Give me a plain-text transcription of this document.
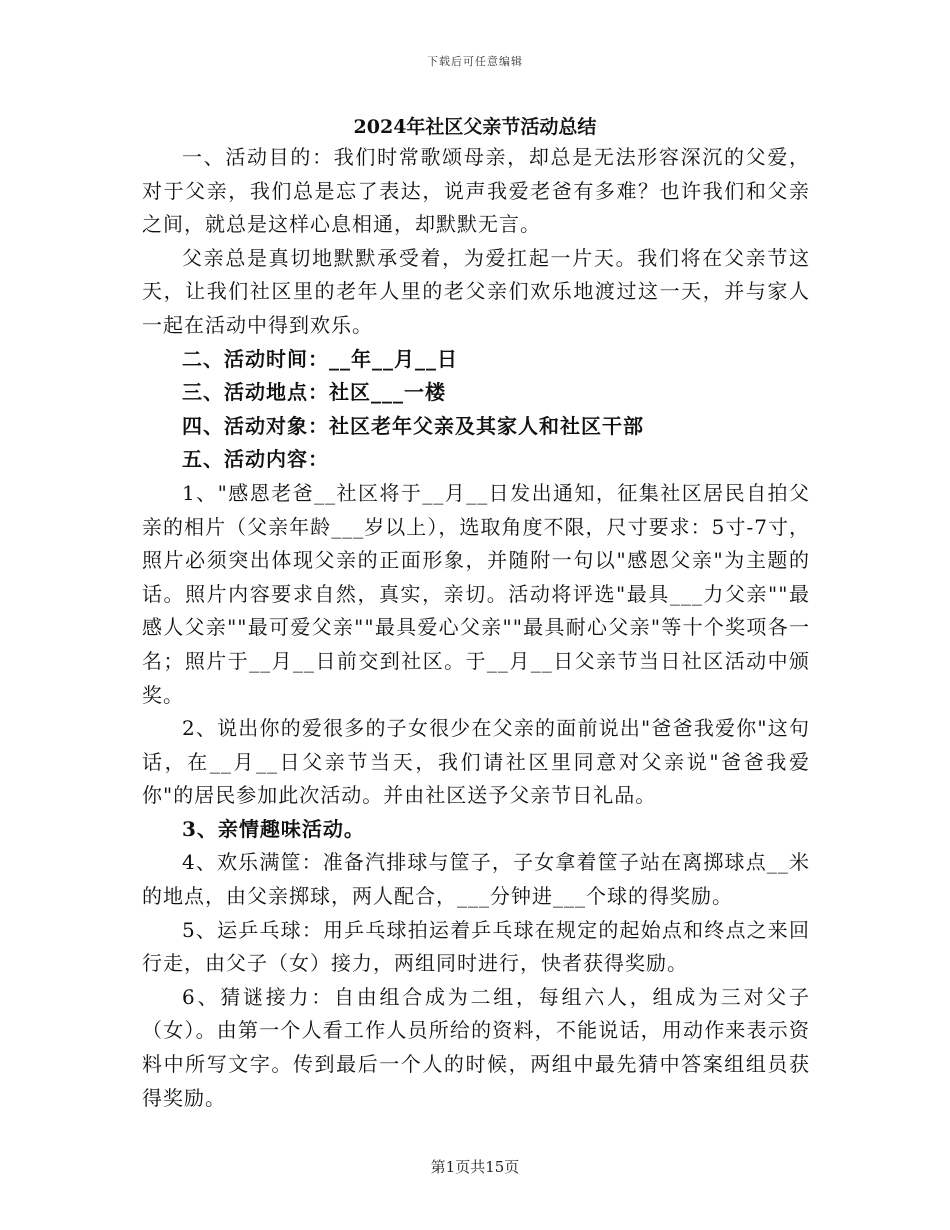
下载后可任意编辑
2024年社区父亲节活动总结

一、活动目的：我们时常歌颂母亲，却总是无法形容深沉的父爱，对于父亲，我们总是忘了表达，说声我爱老爸有多难？也许我们和父亲之间，就总是这样心息相通，却默默无言。

父亲总是真切地默默承受着，为爱扛起一片天。我们将在父亲节这天，让我们社区里的老年人里的老父亲们欢乐地渡过这一天，并与家人一起在活动中得到欢乐。

二、活动时间：__年__月__日

三、活动地点：社区___一楼

四、活动对象：社区老年父亲及其家人和社区干部

五、活动内容：

1、"感恩老爸__社区将于__月__日发出通知，征集社区居民自拍父亲的相片（父亲年龄___岁以上），选取角度不限，尺寸要求：5寸-7寸，照片必须突出体现父亲的正面形象，并随附一句以"感恩父亲"为主题的话。照片内容要求自然，真实，亲切。活动将评选"最具___力父亲""最感人父亲""最可爱父亲""最具爱心父亲""最具耐心父亲"等十个奖项各一名；照片于__月__日前交到社区。于__月__日父亲节当日社区活动中颁奖。

2、说出你的爱很多的子女很少在父亲的面前说出"爸爸我爱你"这句话，在__月__日父亲节当天，我们请社区里同意对父亲说"爸爸我爱你"的居民参加此次活动。并由社区送予父亲节日礼品。

3、亲情趣味活动。

4、欢乐满筐：准备汽排球与筐子，子女拿着筐子站在离掷球点__米的地点，由父亲掷球，两人配合，___分钟进___个球的得奖励。

5、运乒乓球：用乒乓球拍运着乒乓球在规定的起始点和终点之来回行走，由父子（女）接力，两组同时进行，快者获得奖励。

6、猜谜接力：自由组合成为二组，每组六人，组成为三对父子（女）。由第一个人看工作人员所给的资料，不能说话，用动作来表示资料中所写文字。传到最后一个人的时候，两组中最先猜中答案组组员获得奖励。

第1页共15页
